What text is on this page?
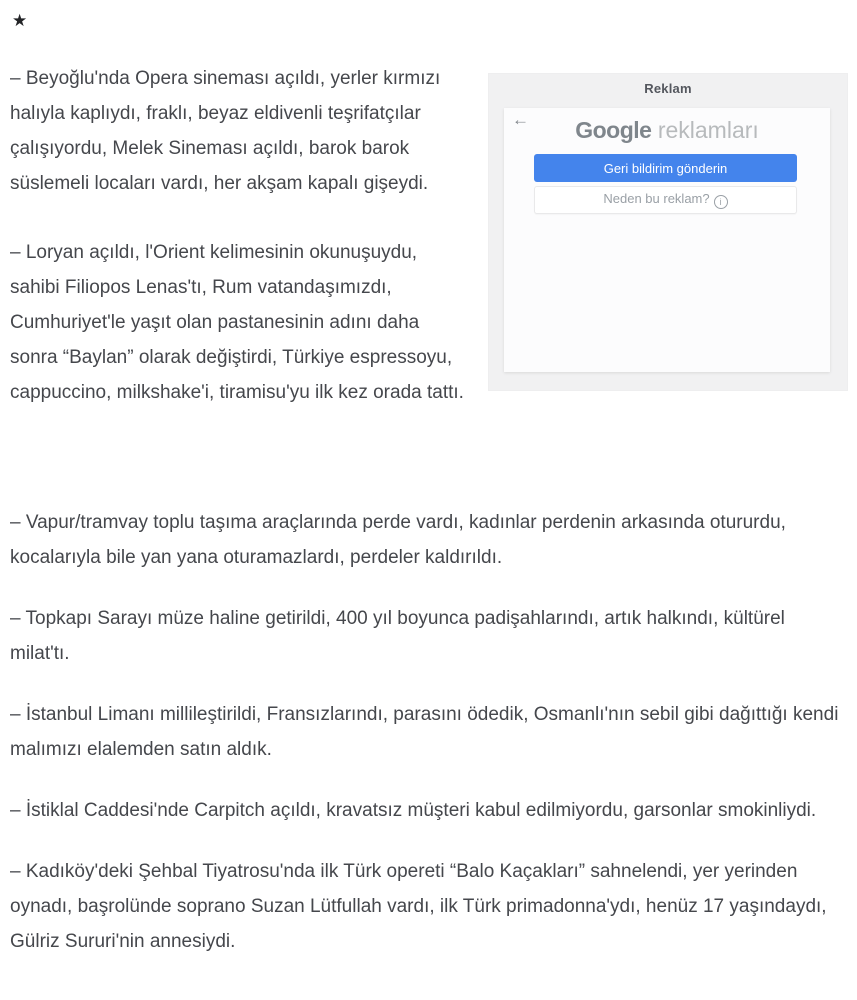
★

– Beyoğlu'nda Opera sineması açıldı, yerler kırmızı halıyla kaplıydı, fraklı, beyaz eldivenli teşrifatçılar çalışıyordu, Melek Sineması açıldı, barok barok süslemeli locaları vardı, her akşam kapalı gişeydi.

– Loryan açıldı, l'Orient kelimesinin okunuşuydu, sahibi Filiopos Lenas'tı, Rum vatandaşımızdı, Cumhuriyet'le yaşıt olan pastanesinin adını daha sonra “Baylan” olarak değiştirdi, Türkiye espressoyu, cappuccino, milkshake'i, tiramisu'yu ilk kez orada tattı.

Reklam
←	Google reklamları
Geri bildirim gönderin
Neden bu reklam? i

– Vapur/tramvay toplu taşıma araçlarında perde vardı, kadınlar perdenin arkasında otururdu, kocalarıyla bile yan yana oturamazlardı, perdeler kaldırıldı.

– Topkapı Sarayı müze haline getirildi, 400 yıl boyunca padişahlarındı, artık halkındı, kültürel milat'tı.

– İstanbul Limanı millileştirildi, Fransızlarındı, parasını ödedik, Osmanlı'nın sebil gibi dağıttığı kendi malımızı elalemden satın aldık.

– İstiklal Caddesi'nde Carpitch açıldı, kravatsız müşteri kabul edilmiyordu, garsonlar smokinliydi.

– Kadıköy'deki Şehbal Tiyatrosu'nda ilk Türk opereti “Balo Kaçakları” sahnelendi, yer yerinden oynadı, başrolünde soprano Suzan Lütfullah vardı, ilk Türk primadonna'ydı, henüz 17 yaşındaydı, Gülriz Sururi'nin annesiydi.
